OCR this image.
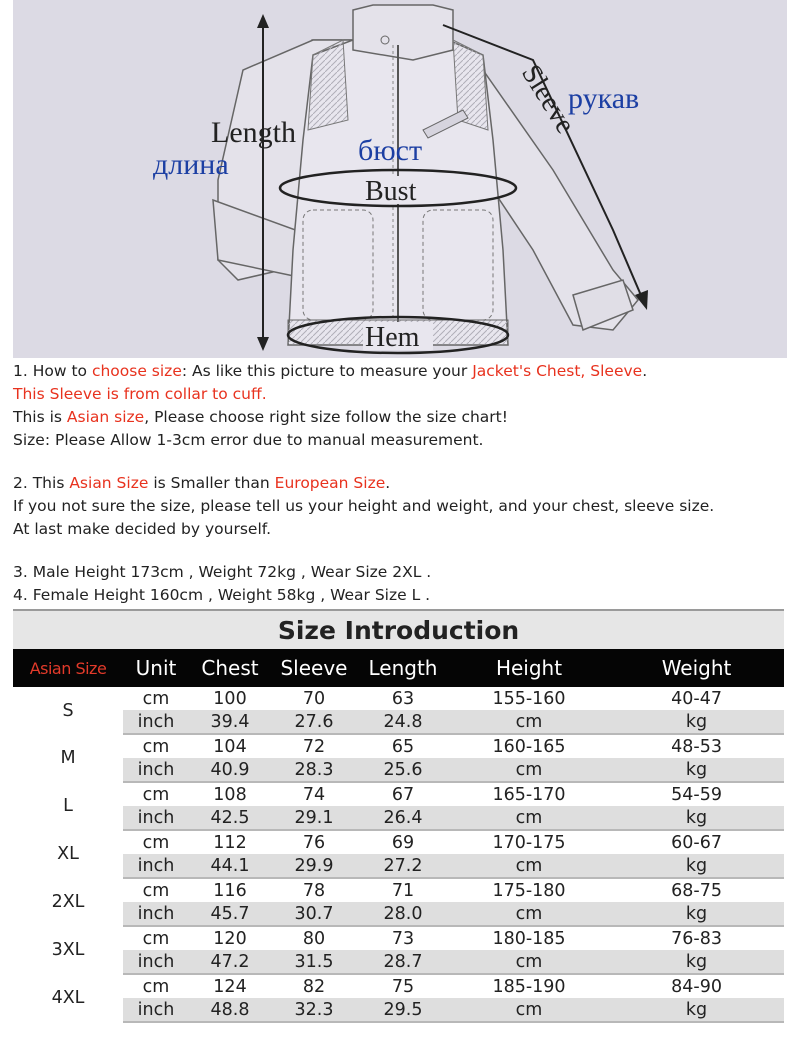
Length
длина	бюст
Bust
Hem
Sleeve
рукав
1. How to choose size: As like this picture to measure your Jacket's Chest, Sleeve.
This Sleeve is from collar to cuff.
This is Asian size, Please choose right size follow the size chart!
Size: Please Allow 1-3cm error due to manual measurement.
2. This Asian Size is Smaller than European Size.
If you not sure the size, please tell us your height and weight, and your chest, sleeve size.
At last make decided by yourself.
3. Male Height 173cm , Weight 72kg , Wear Size 2XL .
4. Female Height 160cm , Weight 58kg , Wear Size L .
Size Introduction						
Asian Size	Unit	Chest	Sleeve	Length	Height	Weight
S	cm	100	70	63	155-160	40-47
	inch	39.4	27.6	24.8	cm	kg
M	cm	104	72	65	160-165	48-53
	inch	40.9	28.3	25.6	cm	kg
L	cm	108	74	67	165-170	54-59
	inch	42.5	29.1	26.4	cm	kg
XL	cm	112	76	69	170-175	60-67
	inch	44.1	29.9	27.2	cm	kg
2XL	cm	116	78	71	175-180	68-75
	inch	45.7	30.7	28.0	cm	kg
3XL	cm	120	80	73	180-185	76-83
	inch	47.2	31.5	28.7	cm	kg
4XL	cm	124	82	75	185-190	84-90
	inch	48.8	32.3	29.5	cm	kg
